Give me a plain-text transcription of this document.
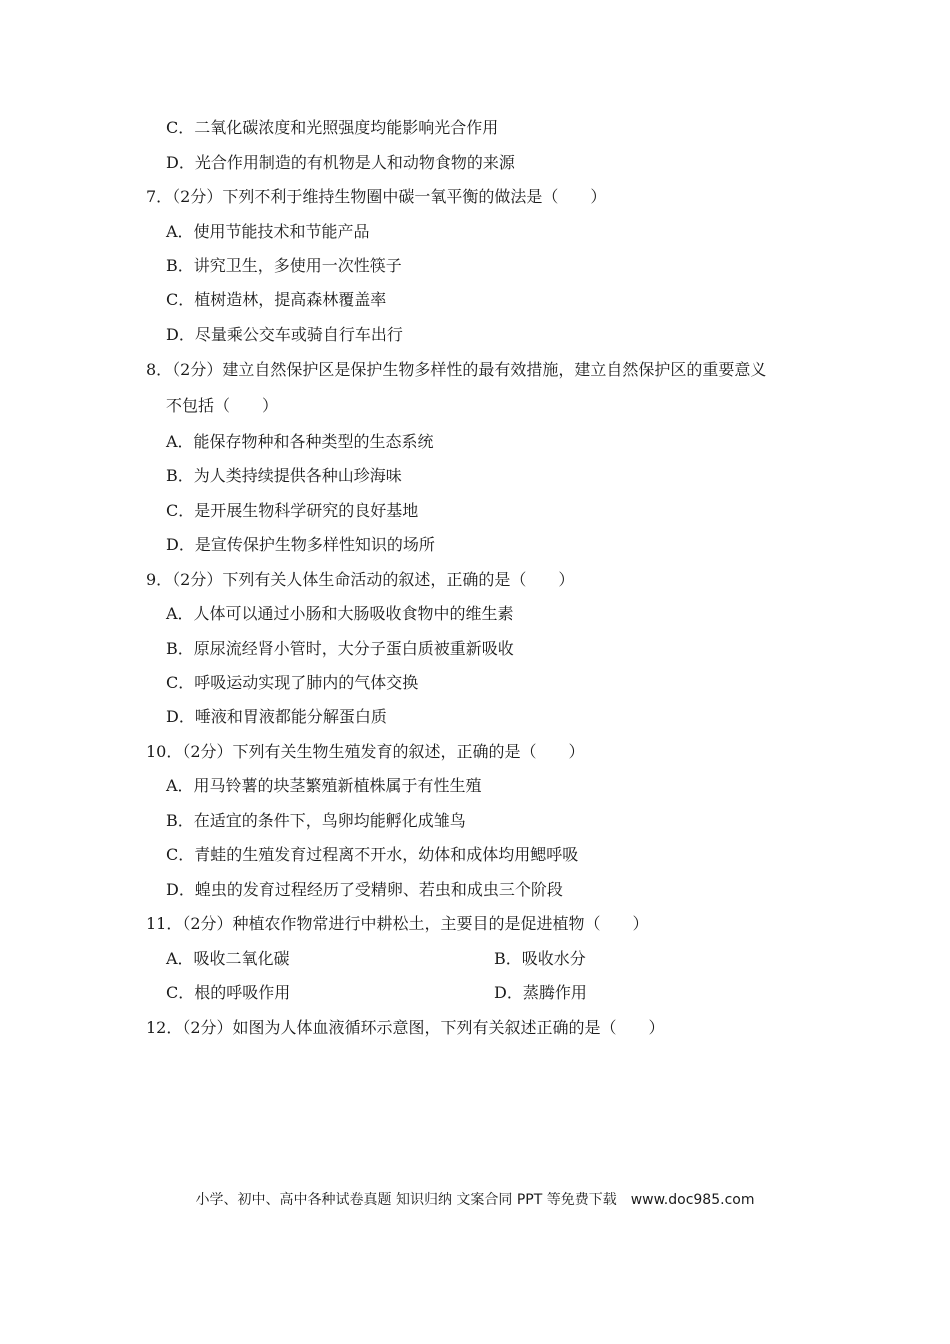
C．二氧化碳浓度和光照强度均能影响光合作用
D．光合作用制造的有机物是人和动物食物的来源
7．（2分）下列不利于维持生物圈中碳一氧平衡的做法是（　　）
A．使用节能技术和节能产品
B．讲究卫生，多使用一次性筷子
C．植树造林，提高森林覆盖率
D．尽量乘公交车或骑自行车出行
8．（2分）建立自然保护区是保护生物多样性的最有效措施，建立自然保护区的重要意义
不包括（　　）
A．能保存物种和各种类型的生态系统
B．为人类持续提供各种山珍海味
C．是开展生物科学研究的良好基地
D．是宣传保护生物多样性知识的场所
9．（2分）下列有关人体生命活动的叙述，正确的是（　　）
A．人体可以通过小肠和大肠吸收食物中的维生素
B．原尿流经肾小管时，大分子蛋白质被重新吸收
C．呼吸运动实现了肺内的气体交换
D．唾液和胃液都能分解蛋白质
10．（2分）下列有关生物生殖发育的叙述，正确的是（　　）
A．用马铃薯的块茎繁殖新植株属于有性生殖
B．在适宜的条件下，鸟卵均能孵化成雏鸟
C．青蛙的生殖发育过程离不开水，幼体和成体均用鳃呼吸
D．蝗虫的发育过程经历了受精卵、若虫和成虫三个阶段
11．（2分）种植农作物常进行中耕松土，主要目的是促进植物（　　）
A．吸收二氧化碳	B．吸收水分
C．根的呼吸作用	D．蒸腾作用
12．（2分）如图为人体血液循环示意图，下列有关叙述正确的是（　　）
小学、初中、高中各种试卷真题 知识归纳 文案合同 PPT 等免费下载　www.doc985.com
